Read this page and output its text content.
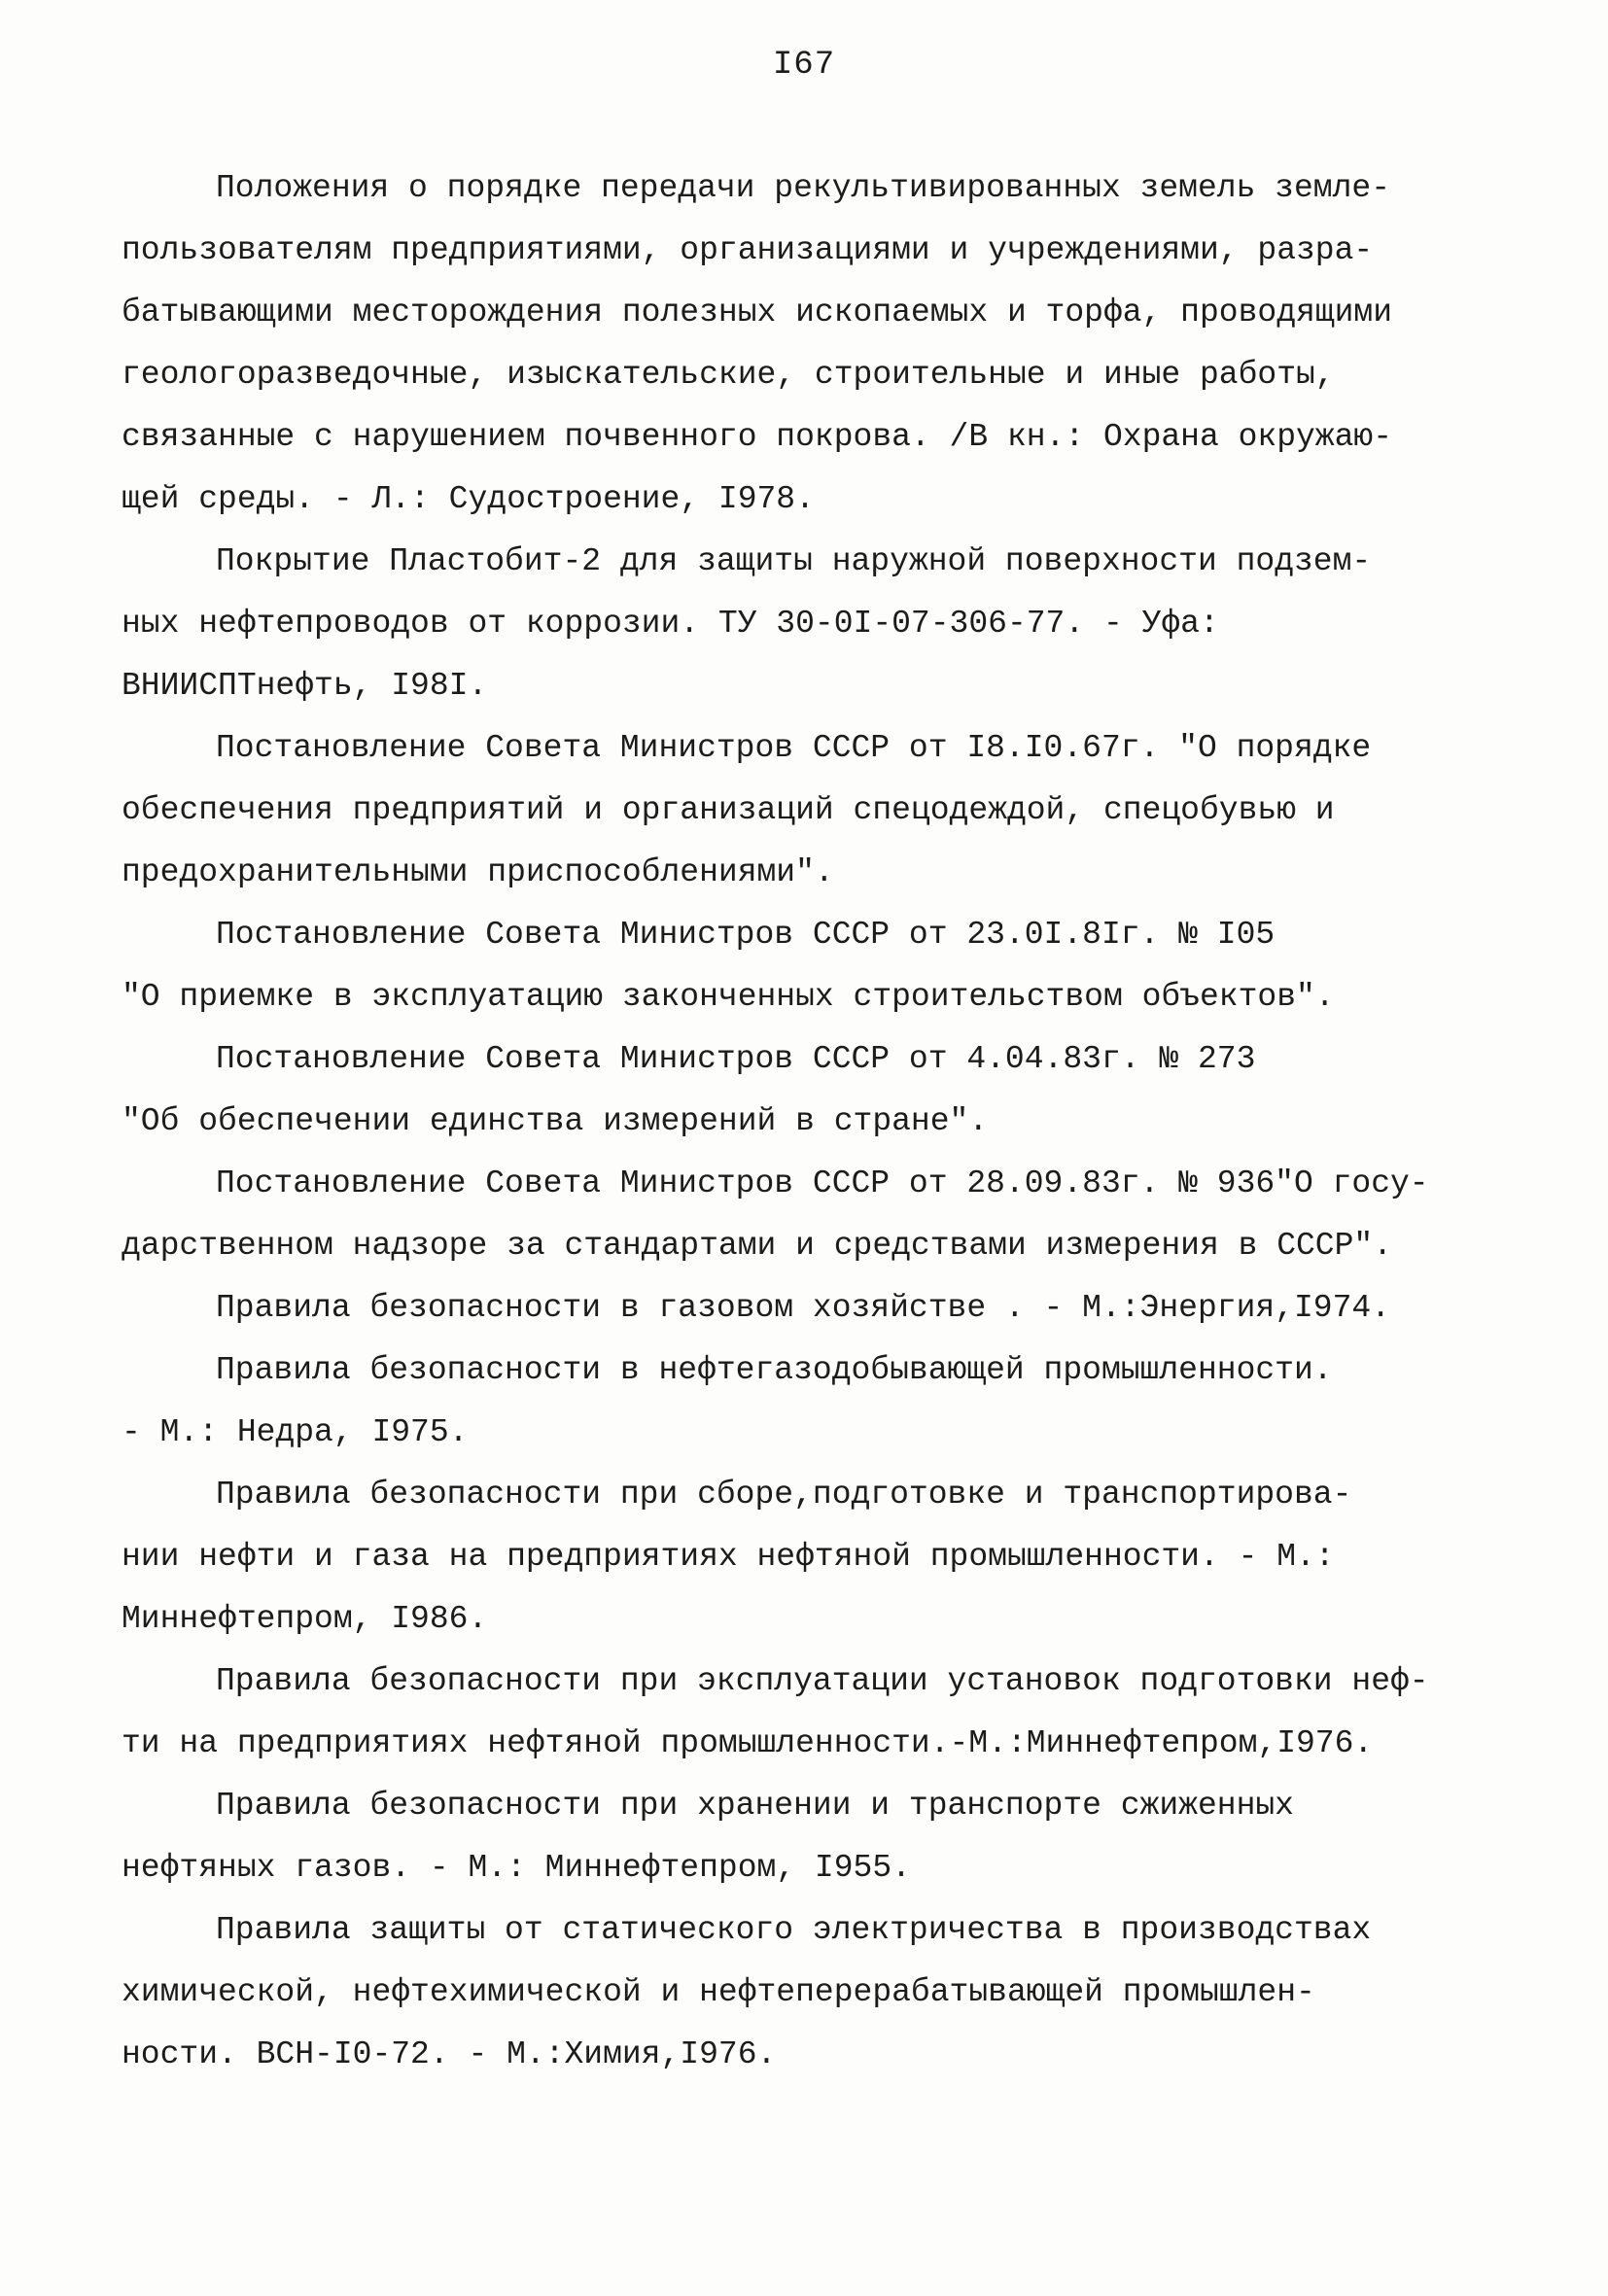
I67

Положения о порядке передачи рекультивированных земель земле-
пользователям предприятиями, организациями и учреждениями, разра-
батывающими месторождения полезных ископаемых и торфа, проводящими
геологоразведочные, изыскательские, строительные и иные работы,
связанные с нарушением почвенного покрова. /В кн.: Охрана окружаю-
щей среды. - Л.: Судостроение, I978.

Покрытие Пластобит-2 для защиты наружной поверхности подзем-
ных нефтепроводов от коррозии. ТУ 30-0I-07-306-77. - Уфа:
ВНИИСПТнефть, I98I.

Постановление Совета Министров СССР от I8.I0.67г. "О порядке
обеспечения предприятий и организаций спецодеждой, спецобувью и
предохранительными приспособлениями".

Постановление Совета Министров СССР от 23.0I.8Iг. № I05
"О приемке в эксплуатацию законченных строительством объектов".

Постановление Совета Министров СССР от 4.04.83г. № 273
"Об обеспечении единства измерений в стране".

Постановление Совета Министров СССР от 28.09.83г. № 936"О госу-
дарственном надзоре за стандартами и средствами измерения в СССР".

Правила безопасности в газовом хозяйстве . - М.:Энергия,I974.

Правила безопасности в нефтегазодобывающей промышленности.
- М.: Недра, I975.

Правила безопасности при сборе,подготовке и транспортирова-
нии нефти и газа на предприятиях нефтяной промышленности. - М.:
Миннефтепром, I986.

Правила безопасности при эксплуатации установок подготовки неф-
ти на предприятиях нефтяной промышленности.-М.:Миннефтепром,I976.

Правила безопасности при хранении и транспорте сжиженных
нефтяных газов. - М.: Миннефтепром, I955.

Правила защиты от статического электричества в производствах
химической, нефтехимической и нефтеперерабатывающей промышлен-
ности. ВСН-I0-72. - М.:Химия,I976.
